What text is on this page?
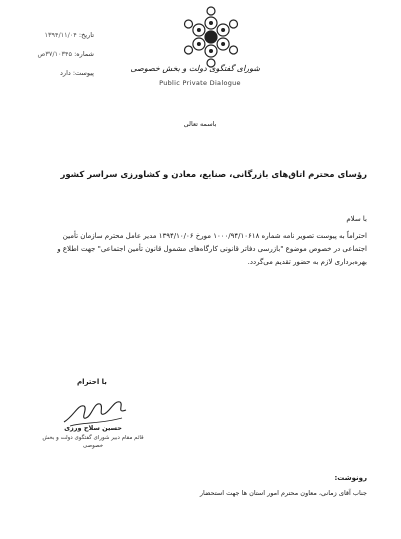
تاریخ: ۱۳۹۴/۱۱/۰۴
شماره: ۳۷/۱۰۳۴۵ص
پیوست: دارد	شورای گفتگوی دولت و بخش خصوصی
Public Private Dialogue
باسمه تعالی
رؤسای محترم اتاق‌های بازرگانی، صنایع، معادن و کشاورزی سراسر کشور
با سلام
احتراماً به پیوست تصویر نامه شماره ۱۰۰۰/۹۴/۱۰۶۱۸ مورخ ۱۳۹۴/۱۰/۰۶ مدیر عامل محترم سازمان تأمین اجتماعی در خصوص موضوع "بازرسی دفاتر قانونی کارگاه‌های مشمول قانون تأمین اجتماعی" جهت اطلاع و بهره‌برداری لازم به حضور تقدیم می‌گردد.
با احترام
حسین سلاح ورزی
قائم مقام دبیر شورای گفتگوی دولت و بخش خصوصی
رونوشت:
جناب آقای زمانی، معاون محترم امور استان ها جهت استحضار
